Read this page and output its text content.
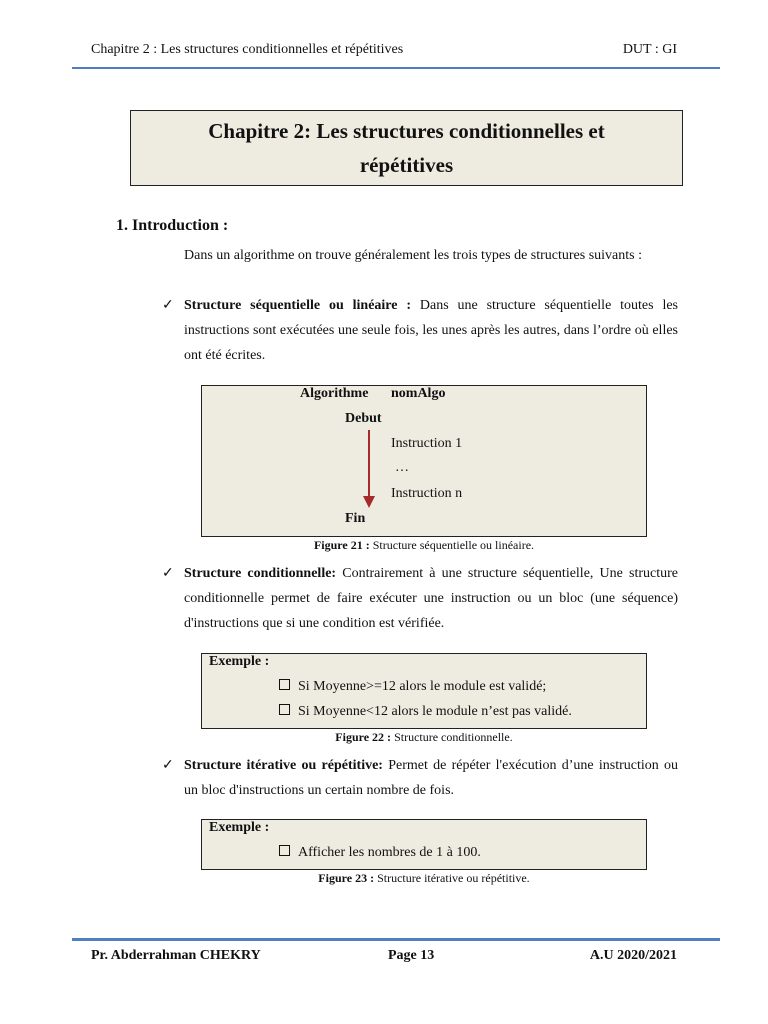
Chapitre 2 : Les structures conditionnelles et répétitives	DUT : GI
Chapitre 2: Les structures conditionnelles et
répétitives
1. Introduction :
Dans un algorithme on trouve généralement les trois types de structures suivants :
✓ Structure séquentielle ou linéaire : Dans une structure séquentielle toutes les instructions sont exécutées une seule fois, les unes après les autres, dans l’ordre où elles ont été écrites.
Algorithme nomAlgo
Debut
Instruction 1
…
Instruction n
Fin
Figure 21 : Structure séquentielle ou linéaire.
✓ Structure conditionnelle: Contrairement à une structure séquentielle, Une structure conditionnelle permet de faire exécuter une instruction ou un bloc (une séquence) d'instructions que si une condition est vérifiée.
Exemple :
Si Moyenne>=12 alors le module est validé;
Si Moyenne<12 alors le module n’est pas validé.
Figure 22 : Structure conditionnelle.
✓ Structure itérative ou répétitive: Permet de répéter l'exécution d’une instruction ou un bloc d'instructions un certain nombre de fois.
Exemple :
Afficher les nombres de 1 à 100.
Figure 23 : Structure itérative ou répétitive.
Pr. Abderrahman CHEKRY	Page 13	A.U 2020/2021
